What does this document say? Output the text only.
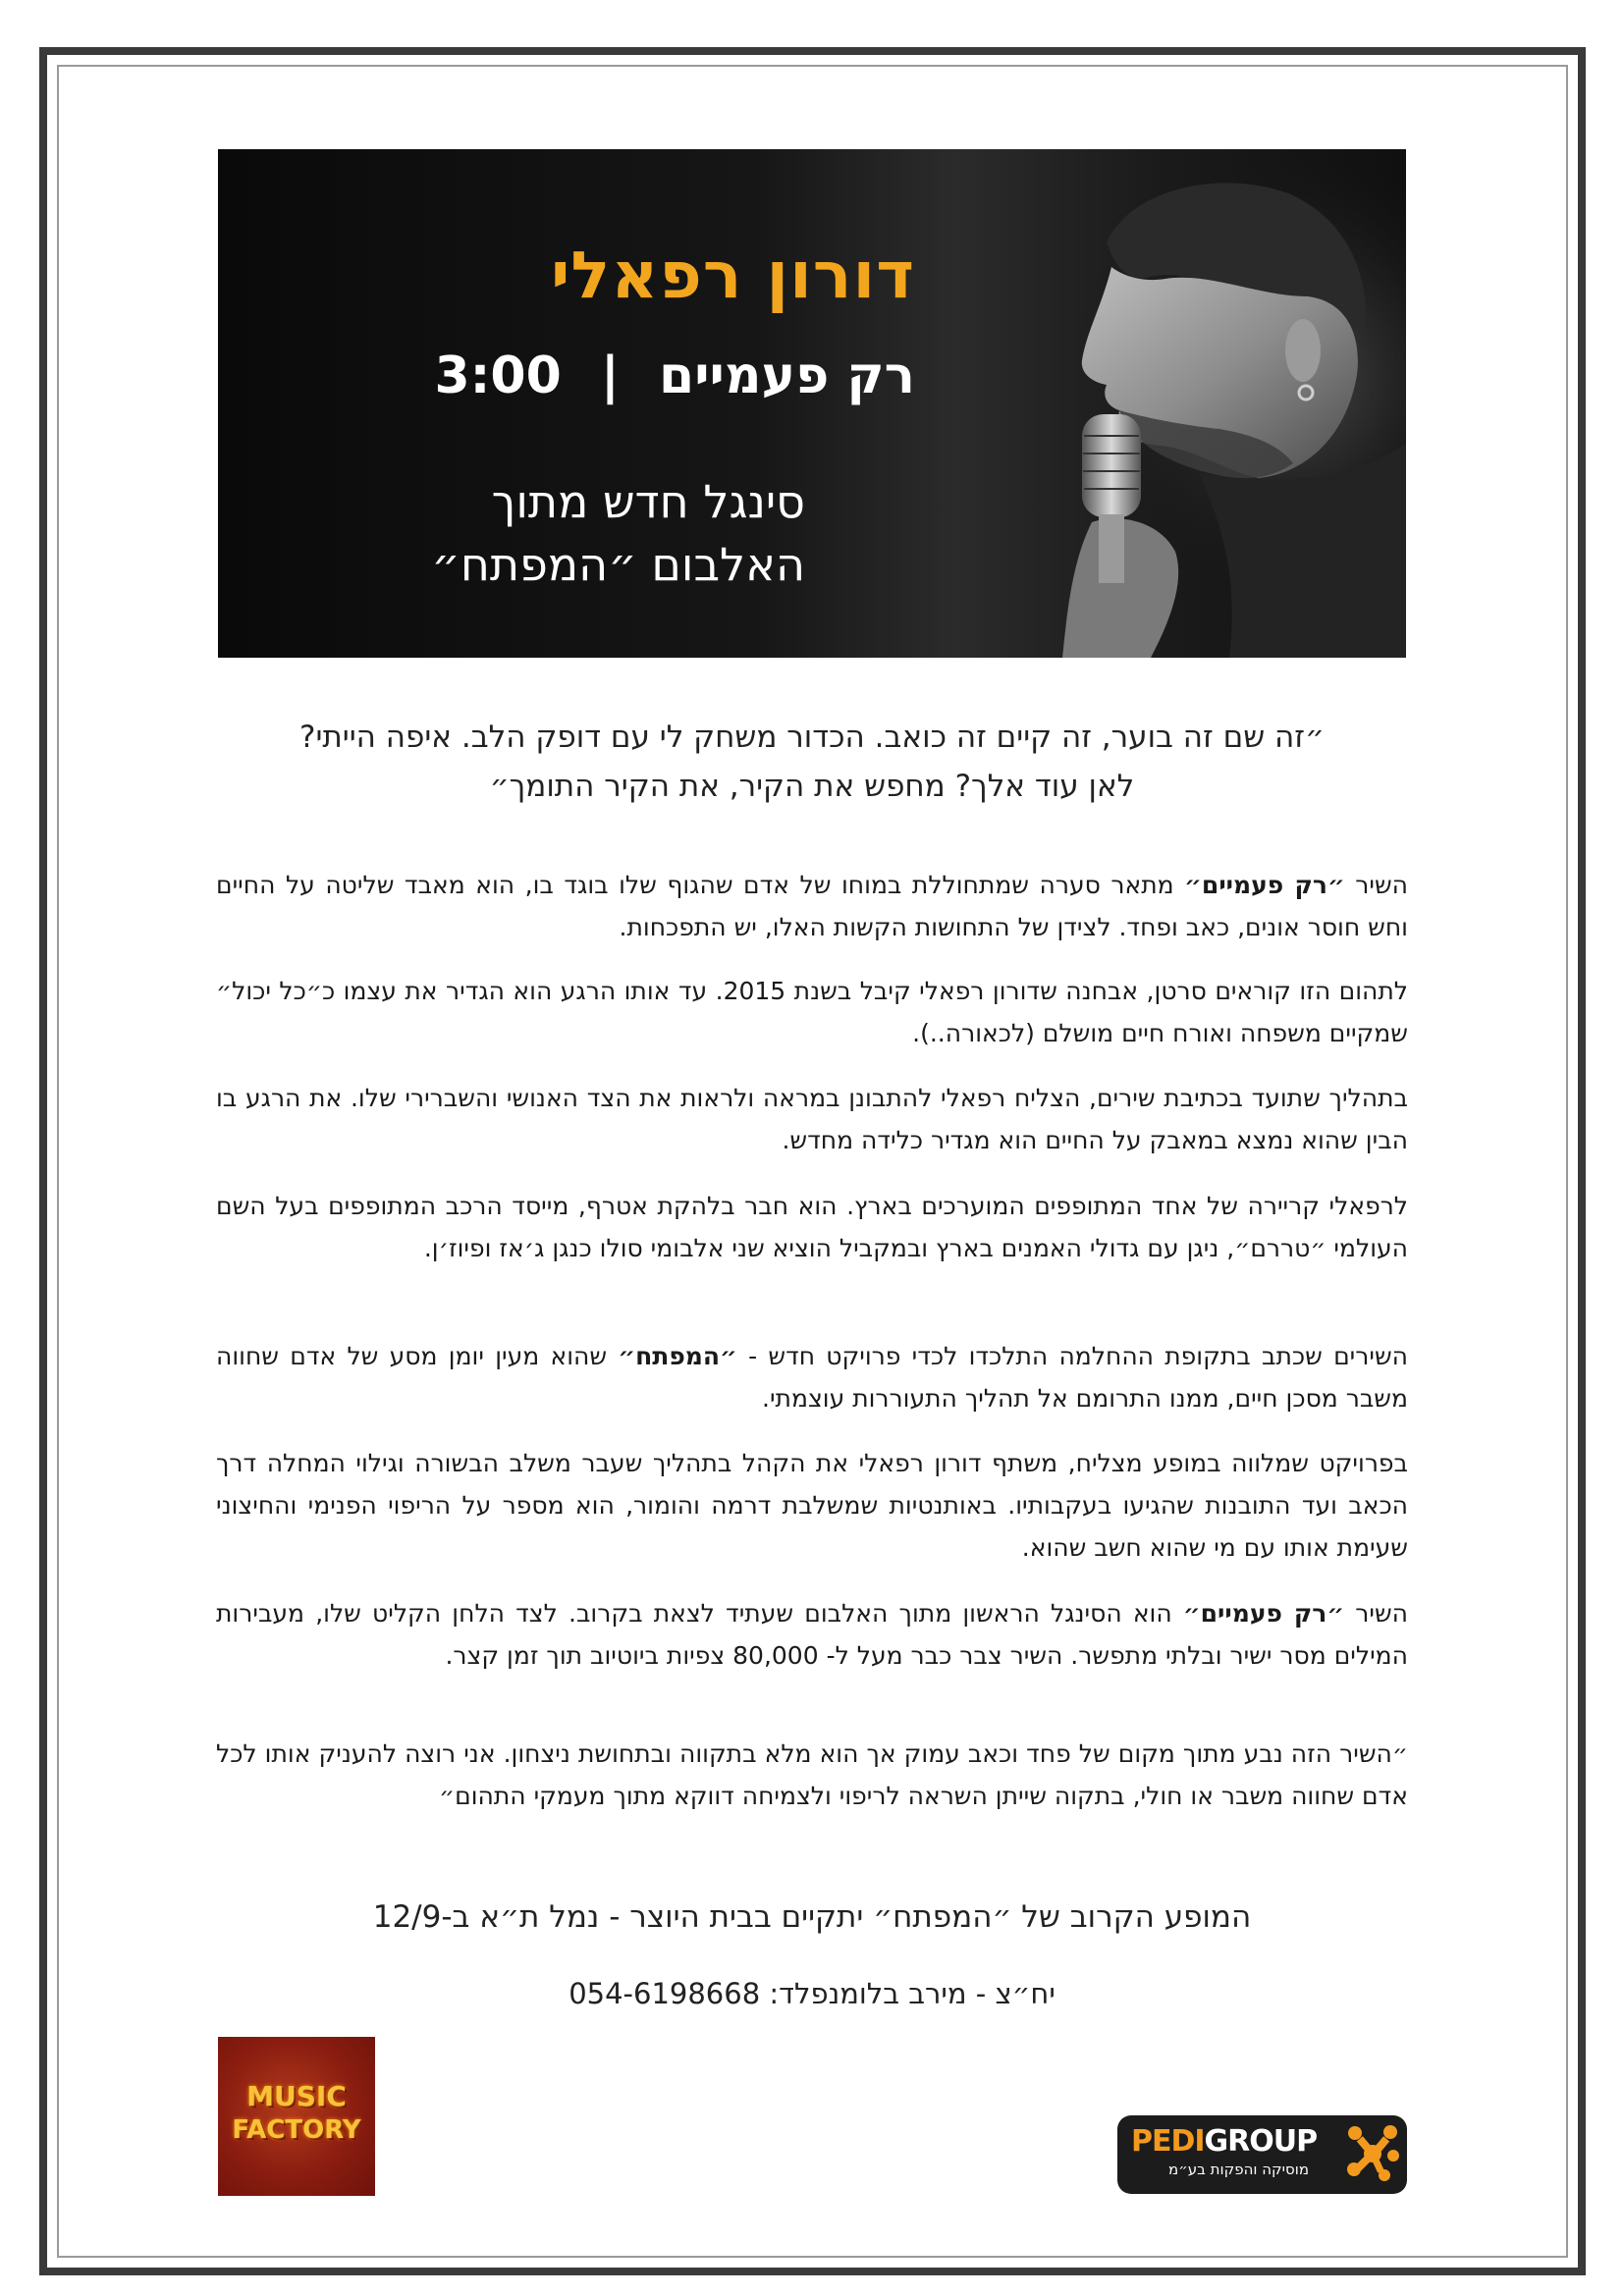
דורון רפאלי
רק פעמיים | 3:00
סינגל חדש מתוך
האלבום ״המפתח״
״זה שם זה בוער, זה קיים זה כואב. הכדור משחק לי עם דופק הלב. איפה הייתי?
לאן עוד אלך? מחפש את הקיר, את הקיר התומך״
השיר ״רק פעמיים״ מתאר סערה שמתחוללת במוחו של אדם שהגוף שלו בוגד בו, הוא מאבד שליטה על החיים וחש חוסר אונים, כאב ופחד. לצידן של התחושות הקשות האלו, יש התפכחות.
לתהום הזו קוראים סרטן, אבחנה שדורון רפאלי קיבל בשנת 2015. עד אותו הרגע הוא הגדיר את עצמו כ״כל יכול״ שמקיים משפחה ואורח חיים מושלם (לכאורה..).
בתהליך שתועד בכתיבת שירים, הצליח רפאלי להתבונן במראה ולראות את הצד האנושי והשברירי שלו. את הרגע בו הבין שהוא נמצא במאבק על החיים הוא מגדיר כלידה מחדש.
לרפאלי קריירה של אחד המתופפים המוערכים בארץ. הוא חבר בלהקת אטרף, מייסד הרכב המתופפים בעל השם העולמי ״טררם״, ניגן עם גדולי האמנים בארץ ובמקביל הוציא שני אלבומי סולו כנגן ג׳אז ופיוז׳ן.
השירים שכתב בתקופת ההחלמה התלכדו לכדי פרויקט חדש - ״המפתח״ שהוא מעין יומן מסע של אדם שחווה משבר מסכן חיים, ממנו התרומם אל תהליך התעוררות עוצמתי.
בפרויקט שמלווה במופע מצליח, משתף דורון רפאלי את הקהל בתהליך שעבר משלב הבשורה וגילוי המחלה דרך הכאב ועד התובנות שהגיעו בעקבותיו. באותנטיות שמשלבת דרמה והומור, הוא מספר על הריפוי הפנימי והחיצוני שעימת אותו עם מי שהוא חשב שהוא.
השיר ״רק פעמיים״ הוא הסינגל הראשון מתוך האלבום שעתיד לצאת בקרוב. לצד הלחן הקליט שלו, מעבירות המילים מסר ישיר ובלתי מתפשר. השיר צבר כבר מעל ל- 80,000 צפיות ביוטיוב תוך זמן קצר.
״השיר הזה נבע מתוך מקום של פחד וכאב עמוק אך הוא מלא בתקווה ובתחושת ניצחון. אני רוצה להעניק אותו לכל אדם שחווה משבר או חולי, בתקוה שייתן השראה לריפוי ולצמיחה דווקא מתוך מעמקי התהום״
המופע הקרוב של ״המפתח״ יתקיים בבית היוצר - נמל ת״א ב-12/9
יח״צ - מירב בלומנפלד: 054-6198668
MUSIC
FACTORY	PEDIGROUP
מוסיקה והפקות בע״מ
